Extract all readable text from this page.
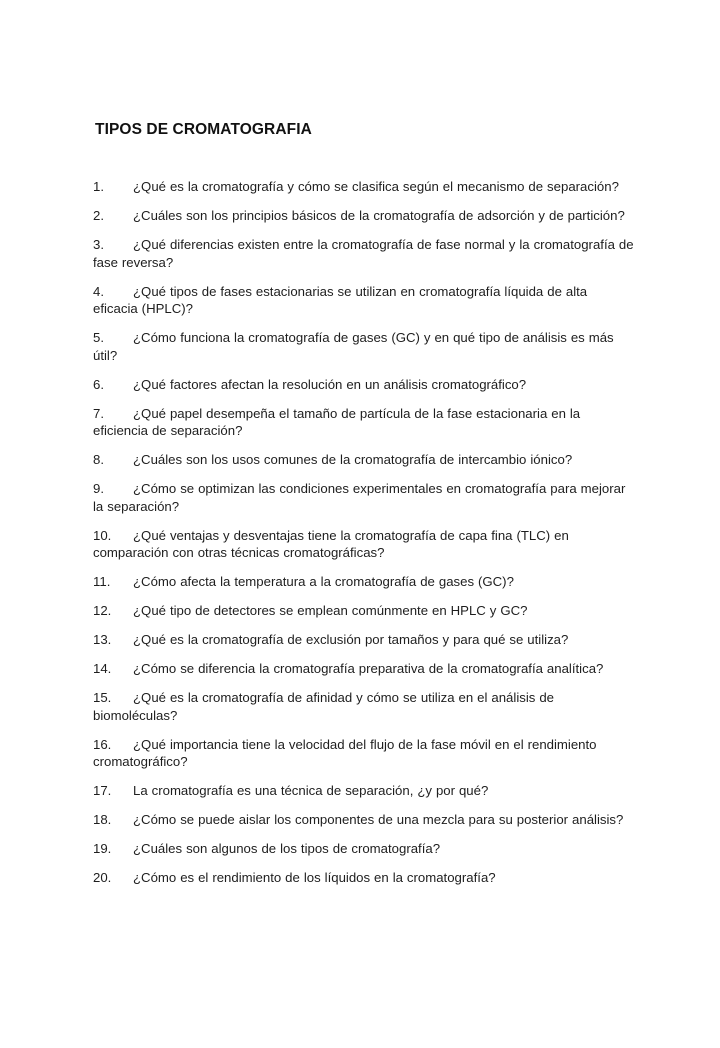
TIPOS DE CROMATOGRAFIA
1. ¿Qué es la cromatografía y cómo se clasifica según el mecanismo de separación?
2. ¿Cuáles son los principios básicos de la cromatografía de adsorción y de partición?
3. ¿Qué diferencias existen entre la cromatografía de fase normal y la cromatografía de fase reversa?
4. ¿Qué tipos de fases estacionarias se utilizan en cromatografía líquida de alta eficacia (HPLC)?
5. ¿Cómo funciona la cromatografía de gases (GC) y en qué tipo de análisis es más útil?
6. ¿Qué factores afectan la resolución en un análisis cromatográfico?
7. ¿Qué papel desempeña el tamaño de partícula de la fase estacionaria en la eficiencia de separación?
8. ¿Cuáles son los usos comunes de la cromatografía de intercambio iónico?
9. ¿Cómo se optimizan las condiciones experimentales en cromatografía para mejorar la separación?
10. ¿Qué ventajas y desventajas tiene la cromatografía de capa fina (TLC) en comparación con otras técnicas cromatográficas?
11. ¿Cómo afecta la temperatura a la cromatografía de gases (GC)?
12. ¿Qué tipo de detectores se emplean comúnmente en HPLC y GC?
13. ¿Qué es la cromatografía de exclusión por tamaños y para qué se utiliza?
14. ¿Cómo se diferencia la cromatografía preparativa de la cromatografía analítica?
15. ¿Qué es la cromatografía de afinidad y cómo se utiliza en el análisis de biomoléculas?
16. ¿Qué importancia tiene la velocidad del flujo de la fase móvil en el rendimiento cromatográfico?
17. La cromatografía es una técnica de separación, ¿y por qué?
18. ¿Cómo se puede aislar los componentes de una mezcla para su posterior análisis?
19. ¿Cuáles son algunos de los tipos de cromatografía?
20. ¿Cómo es el rendimiento de los líquidos en la cromatografía?
